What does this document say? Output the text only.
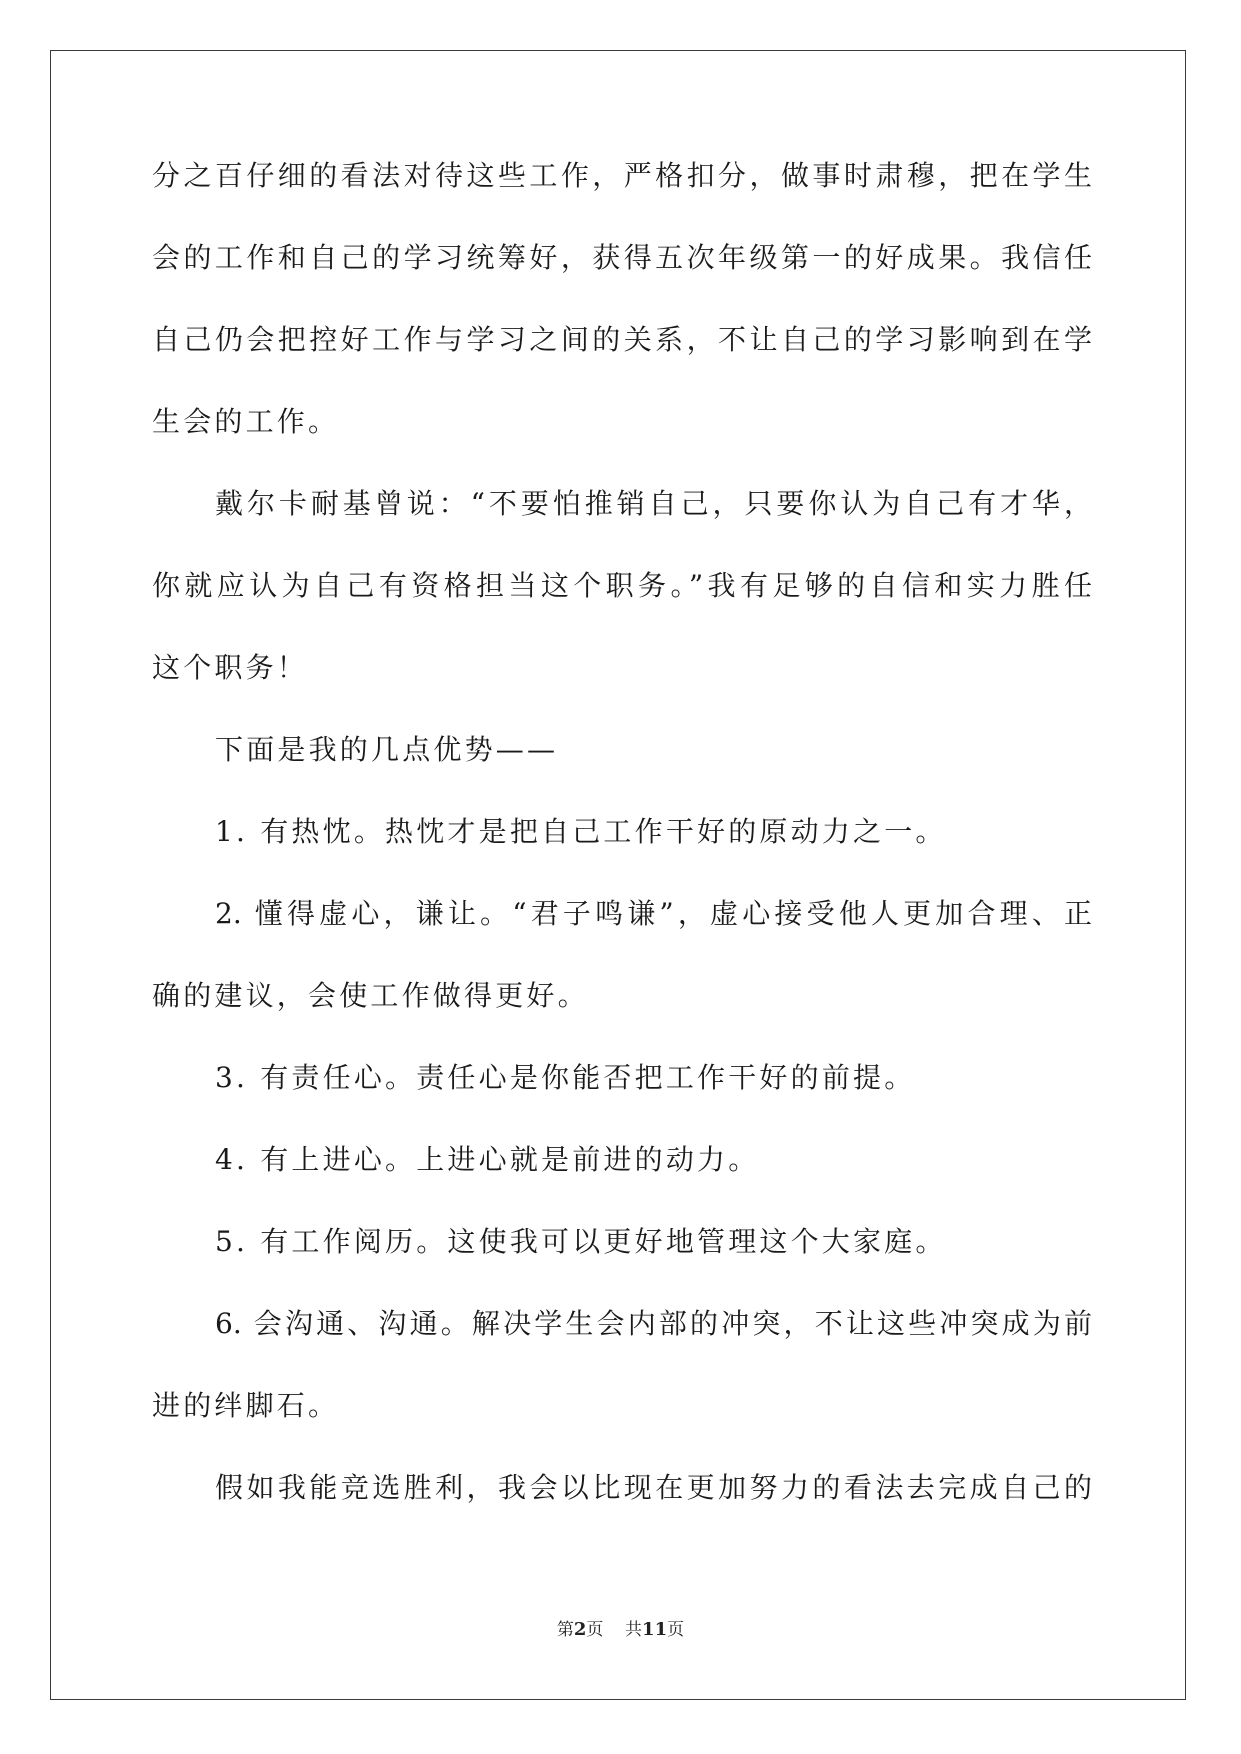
分之百仔细的看法对待这些工作，严格扣分，做事时肃穆，把在学生
会的工作和自己的学习统筹好，获得五次年级第一的好成果。我信任
自己仍会把控好工作与学习之间的关系，不让自己的学习影响到在学
生会的工作。
戴尔卡耐基曾说：“不要怕推销自己，只要你认为自己有才华，
你就应认为自己有资格担当这个职务。”我有足够的自信和实力胜任
这个职务！
下面是我的几点优势——
1. 有热忱。热忱才是把自己工作干好的原动力之一。
2. 懂得虚心，谦让。“君子鸣谦”，虚心接受他人更加合理、正
确的建议，会使工作做得更好。
3. 有责任心。责任心是你能否把工作干好的前提。
4. 有上进心。上进心就是前进的动力。
5. 有工作阅历。这使我可以更好地管理这个大家庭。
6. 会沟通、沟通。解决学生会内部的冲突，不让这些冲突成为前
进的绊脚石。
假如我能竞选胜利，我会以比现在更加努力的看法去完成自己的
第2页 共11页
